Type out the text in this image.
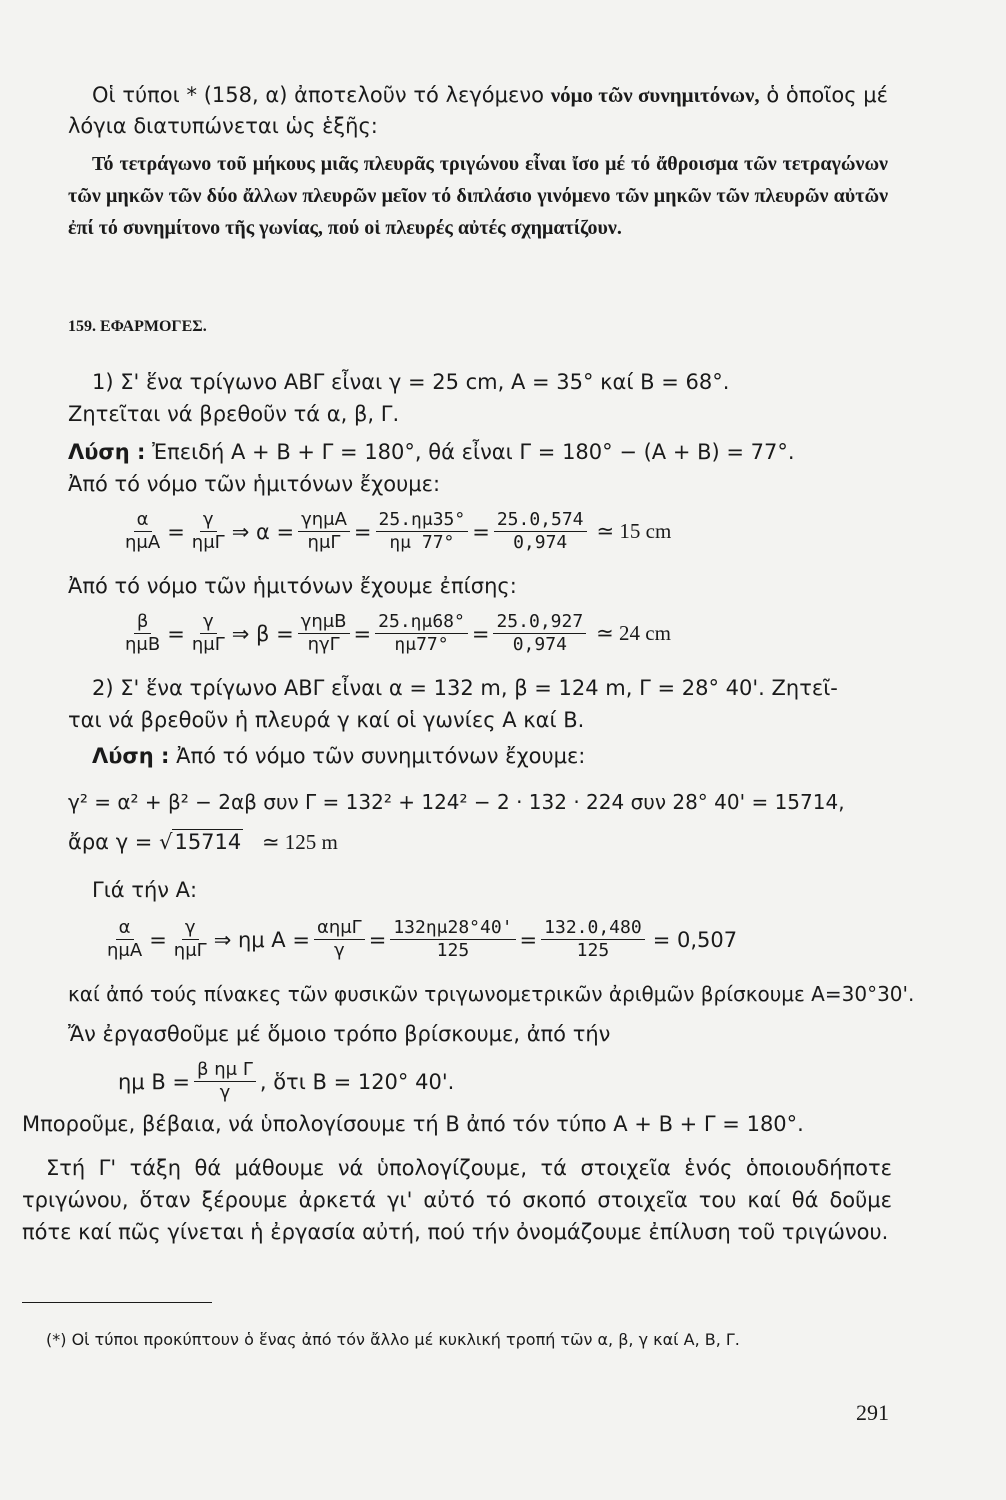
Οἱ τύποι * (158, α) ἀποτελοῦν τό λεγόμενο νόμο τῶν συνημιτόνων, ὁ ὁποῖος μέ λόγια διατυπώνεται ὡς ἑξῆς:
Τό τετράγωνο τοῦ μήκους μιᾶς πλευρᾶς τριγώνου εἶναι ἴσο μέ τό ἄθροισμα τῶν τετραγώνων τῶν μηκῶν τῶν δύο ἄλλων πλευρῶν μεῖον τό διπλάσιο γινόμενο τῶν μηκῶν τῶν πλευρῶν αὐτῶν ἐπί τό συνημίτονο τῆς γωνίας, πού οἱ πλευρές αὐτές σχηματίζουν.
159. ΕΦΑΡΜΟΓΕΣ.
1) Σ' ἕνα τρίγωνο ΑΒΓ εἶναι γ = 25 cm, Α = 35° καί Β = 68°.
Ζητεῖται νά βρεθοῦν τά α, β, Γ.
Λύση : Ἐπειδή Α + Β + Γ = 180°, θά εἶναι Γ = 180° − (Α + Β) = 77°.
Ἀπό τό νόμο τῶν ἡμιτόνων ἔχουμε:
$\frac{\alpha}{\text{ημΑ}} = \frac{\gamma}{\text{ημΓ}}$ ⇒ $\alpha = \frac{\text{γημΑ}}{\text{ημΓ}} = \frac{25.\eta\mu 35^\circ}{\eta\mu 77^\circ} = \frac{25.0,574}{0,974}$ ≃ 15 cm
Ἀπό τό νόμο τῶν ἡμιτόνων ἔχουμε ἐπίσης:
$\frac{\beta}{\text{ημΒ}} = \frac{\gamma}{\text{ημΓ}}$ ⇒ $\beta = \frac{\text{γημΒ}}{\text{ηγΓ}} = \frac{25.\eta\mu 68^\circ}{\eta\mu 77^\circ} = \frac{25.0,927}{0,974}$ ≃ 24 cm
2) Σ' ἕνα τρίγωνο ΑΒΓ εἶναι α = 132 m, β = 124 m, Γ = 28° 40'. Ζητεῖ-
ται νά βρεθοῦν ἡ πλευρά γ καί οἱ γωνίες Α καί Β.
Λύση : Ἀπό τό νόμο τῶν συνημιτόνων ἔχουμε:
γ² = α² + β² − 2αβ συν Γ = 132² + 124² − 2 · 132 · 224 συν 28° 40' = 15714,
ἄρα γ = √15714 ≃ 125 m
Γιά τήν Α:
$\frac{\alpha}{\text{ημΑ}} = \frac{\gamma}{\text{ημΓ}}$ ⇒ ημ $A = \frac{\text{αημΓ}}{\gamma} = \frac{132\eta\mu 28^\circ 40'}{125} = \frac{132.0,480}{125} = 0,507$
καί ἀπό τούς πίνακες τῶν φυσικῶν τριγωνομετρικῶν ἀριθμῶν βρίσκουμε Α=30°30'.
Ἄν ἐργασθοῦμε μέ ὅμοιο τρόπο βρίσκουμε, ἀπό τήν
ημ $B = \frac{\text{β ημ Γ}}{\gamma}$ , ὅτι Β = 120° 40'.
Μποροῦμε, βέβαια, νά ὑπολογίσουμε τή Β ἀπό τόν τύπο Α + Β + Γ = 180°.
Στή Γ' τάξη θά μάθουμε νά ὑπολογίζουμε, τά στοιχεῖα ἑνός ὁποιουδήποτε τριγώνου, ὅταν ξέρουμε ἀρκετά γι' αὐτό τό σκοπό στοιχεῖα του καί θά δοῦμε πότε καί πῶς γίνεται ἡ ἐργασία αὐτή, πού τήν ὀνομάζουμε ἐπίλυση τοῦ τριγώνου.
(*) Οἱ τύποι προκύπτουν ὁ ἕνας ἀπό τόν ἄλλο μέ κυκλική τροπή τῶν α, β, γ καί Α, Β, Γ.
291
